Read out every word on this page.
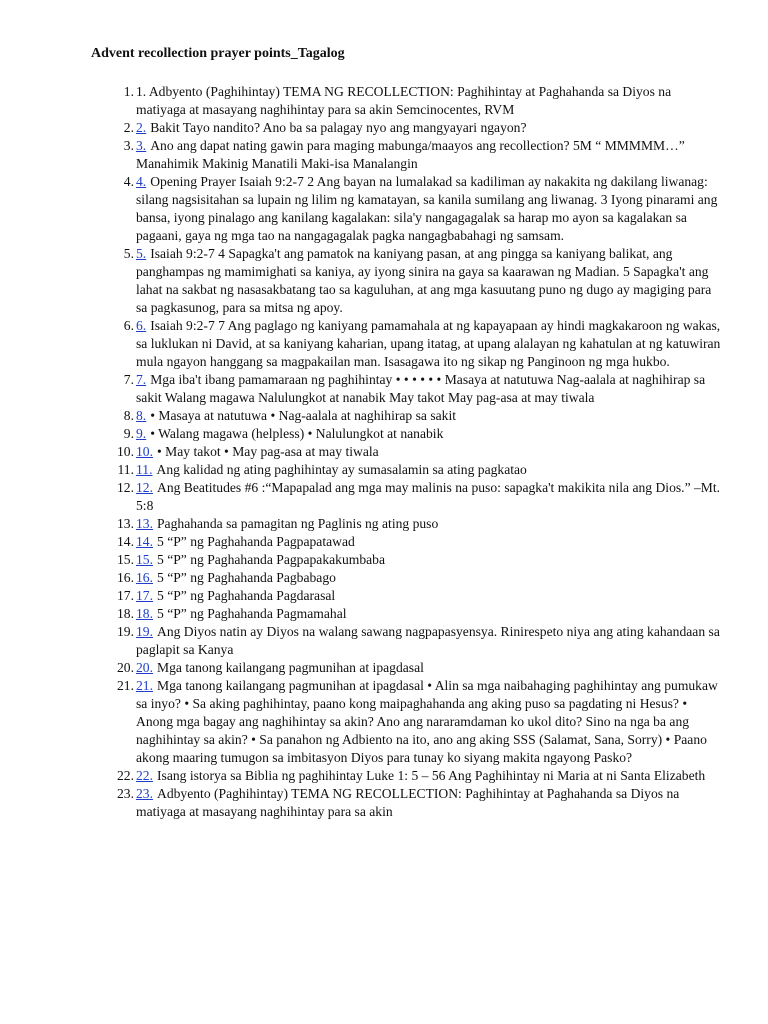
Advent recollection prayer points_Tagalog
1. 1. Adbyento (Paghihintay) TEMA NG RECOLLECTION: Paghihintay at Paghahanda sa Diyos na matiyaga at masayang naghihintay para sa akin Semcinocentes, RVM
2. 2. Bakit Tayo nandito? Ano ba sa palagay nyo ang mangyayari ngayon?
3. 3. Ano ang dapat nating gawin para maging mabunga/maayos ang recollection? 5M “ MMMMM…” Manahimik Makinig Manatili Maki-isa Manalangin
4. 4. Opening Prayer Isaiah 9:2-7 2 Ang bayan na lumalakad sa kadiliman ay nakakita ng dakilang liwanag: silang nagsisitahan sa lupain ng lilim ng kamatayan, sa kanila sumilang ang liwanag. 3 Iyong pinarami ang bansa, iyong pinalago ang kanilang kagalakan: sila'y nangagagalak sa harap mo ayon sa kagalakan sa pagaani, gaya ng mga tao na nangagagalak pagka nangagbabahagi ng samsam.
5. 5. Isaiah 9:2-7 4 Sapagka't ang pamatok na kaniyang pasan, at ang pingga sa kaniyang balikat, ang panghampas ng mamimighati sa kaniya, ay iyong sinira na gaya sa kaarawan ng Madian. 5 Sapagka't ang lahat na sakbat ng nasasakbatang tao sa kaguluhan, at ang mga kasuutang puno ng dugo ay magiging para sa pagkasunog, para sa mitsa ng apoy.
6. 6. Isaiah 9:2-7 7 Ang paglago ng kaniyang pamamahala at ng kapayapaan ay hindi magkakaroon ng wakas, sa luklukan ni David, at sa kaniyang kaharian, upang itatag, at upang alalayan ng kahatulan at ng katuwiran mula ngayon hanggang sa magpakailan man. Isasagawa ito ng sikap ng Panginoon ng mga hukbo.
7. 7. Mga iba't ibang pamamaraan ng paghihintay • • • • • • Masaya at natutuwa Nag-aalala at naghihirap sa sakit Walang magawa Nalulungkot at nanabik May takot May pag-asa at may tiwala
8. 8. • Masaya at natutuwa • Nag-aalala at naghihirap sa sakit
9. 9. • Walang magawa (helpless) • Nalulungkot at nanabik
10. 10. • May takot • May pag-asa at may tiwala
11. 11. Ang kalidad ng ating paghihintay ay sumasalamin sa ating pagkatao
12. 12. Ang Beatitudes #6 :“Mapapalad ang mga may malinis na puso: sapagka't makikita nila ang Dios.” –Mt. 5:8
13. 13. Paghahanda sa pamagitan ng Paglinis ng ating puso
14. 14. 5 “P” ng Paghahanda Pagpapatawad
15. 15. 5 “P” ng Paghahanda Pagpapakakumbaba
16. 16. 5 “P” ng Paghahanda Pagbabago
17. 17. 5 “P” ng Paghahanda Pagdarasal
18. 18. 5 “P” ng Paghahanda Pagmamahal
19. 19. Ang Diyos natin ay Diyos na walang sawang nagpapasyensya. Rinirespeto niya ang ating kahandaan sa paglapit sa Kanya
20. 20. Mga tanong kailangang pagmunihan at ipagdasal
21. 21. Mga tanong kailangang pagmunihan at ipagdasal • Alin sa mga naibahaging paghihintay ang pumukaw sa inyo? • Sa aking paghihintay, paano kong maipaghahanda ang aking puso sa pagdating ni Hesus? • Anong mga bagay ang naghihintay sa akin? Ano ang nararamdaman ko ukol dito? Sino na nga ba ang naghihintay sa akin? • Sa panahon ng Adbiento na ito, ano ang aking SSS (Salamat, Sana, Sorry) • Paano akong maaring tumugon sa imbitasyon Diyos para tunay ko siyang makita ngayong Pasko?
22. 22. Isang istorya sa Biblia ng paghihintay Luke 1: 5 – 56 Ang Paghihintay ni Maria at ni Santa Elizabeth
23. 23. Adbyento (Paghihintay) TEMA NG RECOLLECTION: Paghihintay at Paghahanda sa Diyos na matiyaga at masayang naghihintay para sa akin
